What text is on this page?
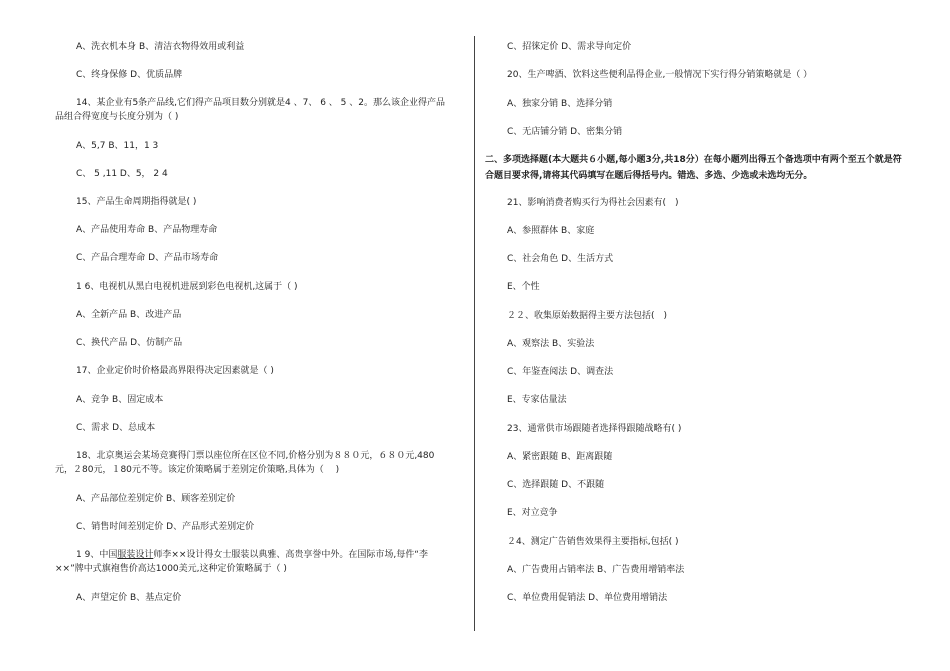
A、洗衣机本身 B、清洁衣物得效用或利益

C、终身保修 D、优质品牌

14、某企业有5条产品线,它们得产品项目数分别就是4 、7、 6 、 5 、2。那么该企业得产品品组合得宽度与长度分别为（ )

A、5,7 B、11，1 3

C、 5 ,11 D、5， 2 4

15、产品生命周期指得就是( )

A、产品使用寿命 B、产品物理寿命

C、产品合理寿命 D、产品市场寿命

1 6、电视机从黑白电视机进展到彩色电视机,这属于（ )

A、全新产品 B、改进产品

C、换代产品 D、仿制产品

17、企业定价时价格最高界限得决定因素就是（ )

A、竞争 B、固定成本

C、需求 D、总成本

18、北京奥运会某场竞赛得门票以座位所在区位不同,价格分别为８８０元，６８０元,480元，２80元，１80元不等。该定价策略属于差别定价策略,具体为（　 )

A、产品部位差别定价 B、顾客差别定价

C、销售时间差别定价 D、产品形式差别定价

1 9、中国服装设计师李××设计得女士服装以典雅、高贵享誉中外。在国际市场,每件“李××”牌中式旗袍售价高达1000美元,这种定价策略属于（ )

A、声望定价 B、基点定价

C、招徕定价 D、需求导向定价

20、生产啤酒、饮料这些便利品得企业,一般情况下实行得分销策略就是（ ）

A、独家分销 B、选择分销

C、无店铺分销 D、密集分销

二、多项选择题(本大题共６小题,每小题3分,共18分）在每小题列出得五个备选项中有两个至五个就是符合题目要求得,请将其代码填写在题后得括号内。错选、多选、少选或未选均无分。

21、影响消费者购买行为得社会因素有(　)

A、参照群体 B、家庭

C、社会角色 D、生活方式

E、个性

２２、收集原始数据得主要方法包括(　)

A、观察法 B、实验法

C、年鉴查阅法 D、调查法

E、专家估量法

23、通常供市场跟随者选择得跟随战略有( )

A、紧密跟随 B、距离跟随

C、选择跟随 D、不跟随

E、对立竞争

２4、测定广告销售效果得主要指标,包括( )

A、广告费用占销率法 B、广告费用增销率法

C、单位费用促销法 D、单位费用增销法
